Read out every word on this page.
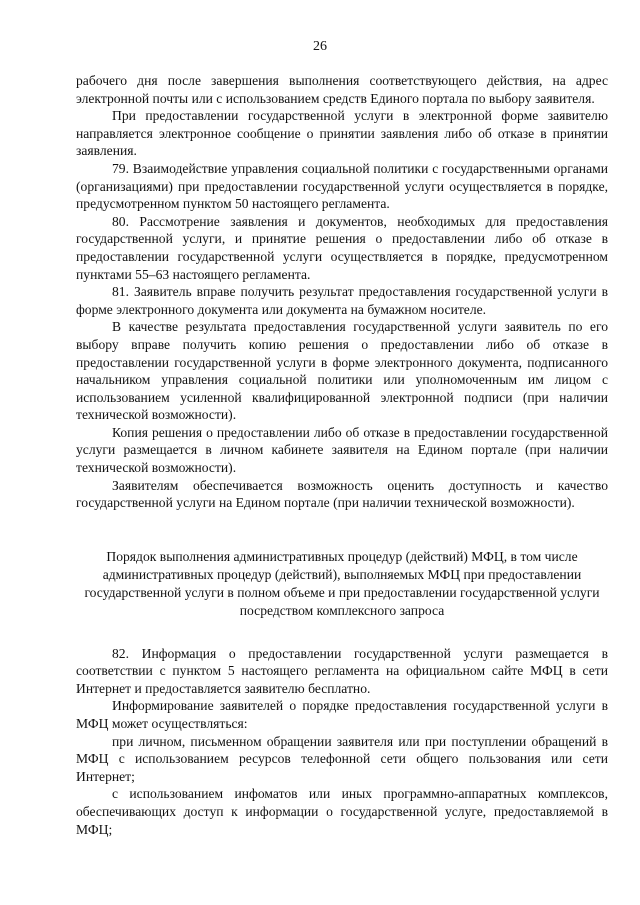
26

рабочего дня после завершения выполнения соответствующего действия, на адрес электронной почты или с использованием средств Единого портала по выбору заявителя.

При предоставлении государственной услуги в электронной форме заявителю направляется электронное сообщение о принятии заявления либо об отказе в принятии заявления.

79. Взаимодействие управления социальной политики с государственными органами (организациями) при предоставлении государственной услуги осуществляется в порядке, предусмотренном пунктом 50 настоящего регламента.

80. Рассмотрение заявления и документов, необходимых для предоставления государственной услуги, и принятие решения о предоставлении либо об отказе в предоставлении государственной услуги осуществляется в порядке, предусмотренном пунктами 55–63 настоящего регламента.

81. Заявитель вправе получить результат предоставления государственной услуги в форме электронного документа или документа на бумажном носителе.

В качестве результата предоставления государственной услуги заявитель по его выбору вправе получить копию решения о предоставлении либо об отказе в предоставлении государственной услуги в форме электронного документа, подписанного начальником управления социальной политики или уполномоченным им лицом с использованием усиленной квалифицированной электронной подписи (при наличии технической возможности).

Копия решения о предоставлении либо об отказе в предоставлении государственной услуги размещается в личном кабинете заявителя на Едином портале (при наличии технической возможности).

Заявителям обеспечивается возможность оценить доступность и качество государственной услуги на Едином портале (при наличии технической возможности).

Порядок выполнения административных процедур (действий) МФЦ, в том числе административных процедур (действий), выполняемых МФЦ при предоставлении государственной услуги в полном объеме и при предоставлении государственной услуги посредством комплексного запроса

82. Информация о предоставлении государственной услуги размещается в соответствии с пунктом 5 настоящего регламента на официальном сайте МФЦ в сети Интернет и предоставляется заявителю бесплатно.

Информирование заявителей о порядке предоставления государственной услуги в МФЦ может осуществляться:

при личном, письменном обращении заявителя или при поступлении обращений в МФЦ с использованием ресурсов телефонной сети общего пользования или сети Интернет;

с использованием инфоматов или иных программно-аппаратных комплексов, обеспечивающих доступ к информации о государственной услуге, предоставляемой в МФЦ;
